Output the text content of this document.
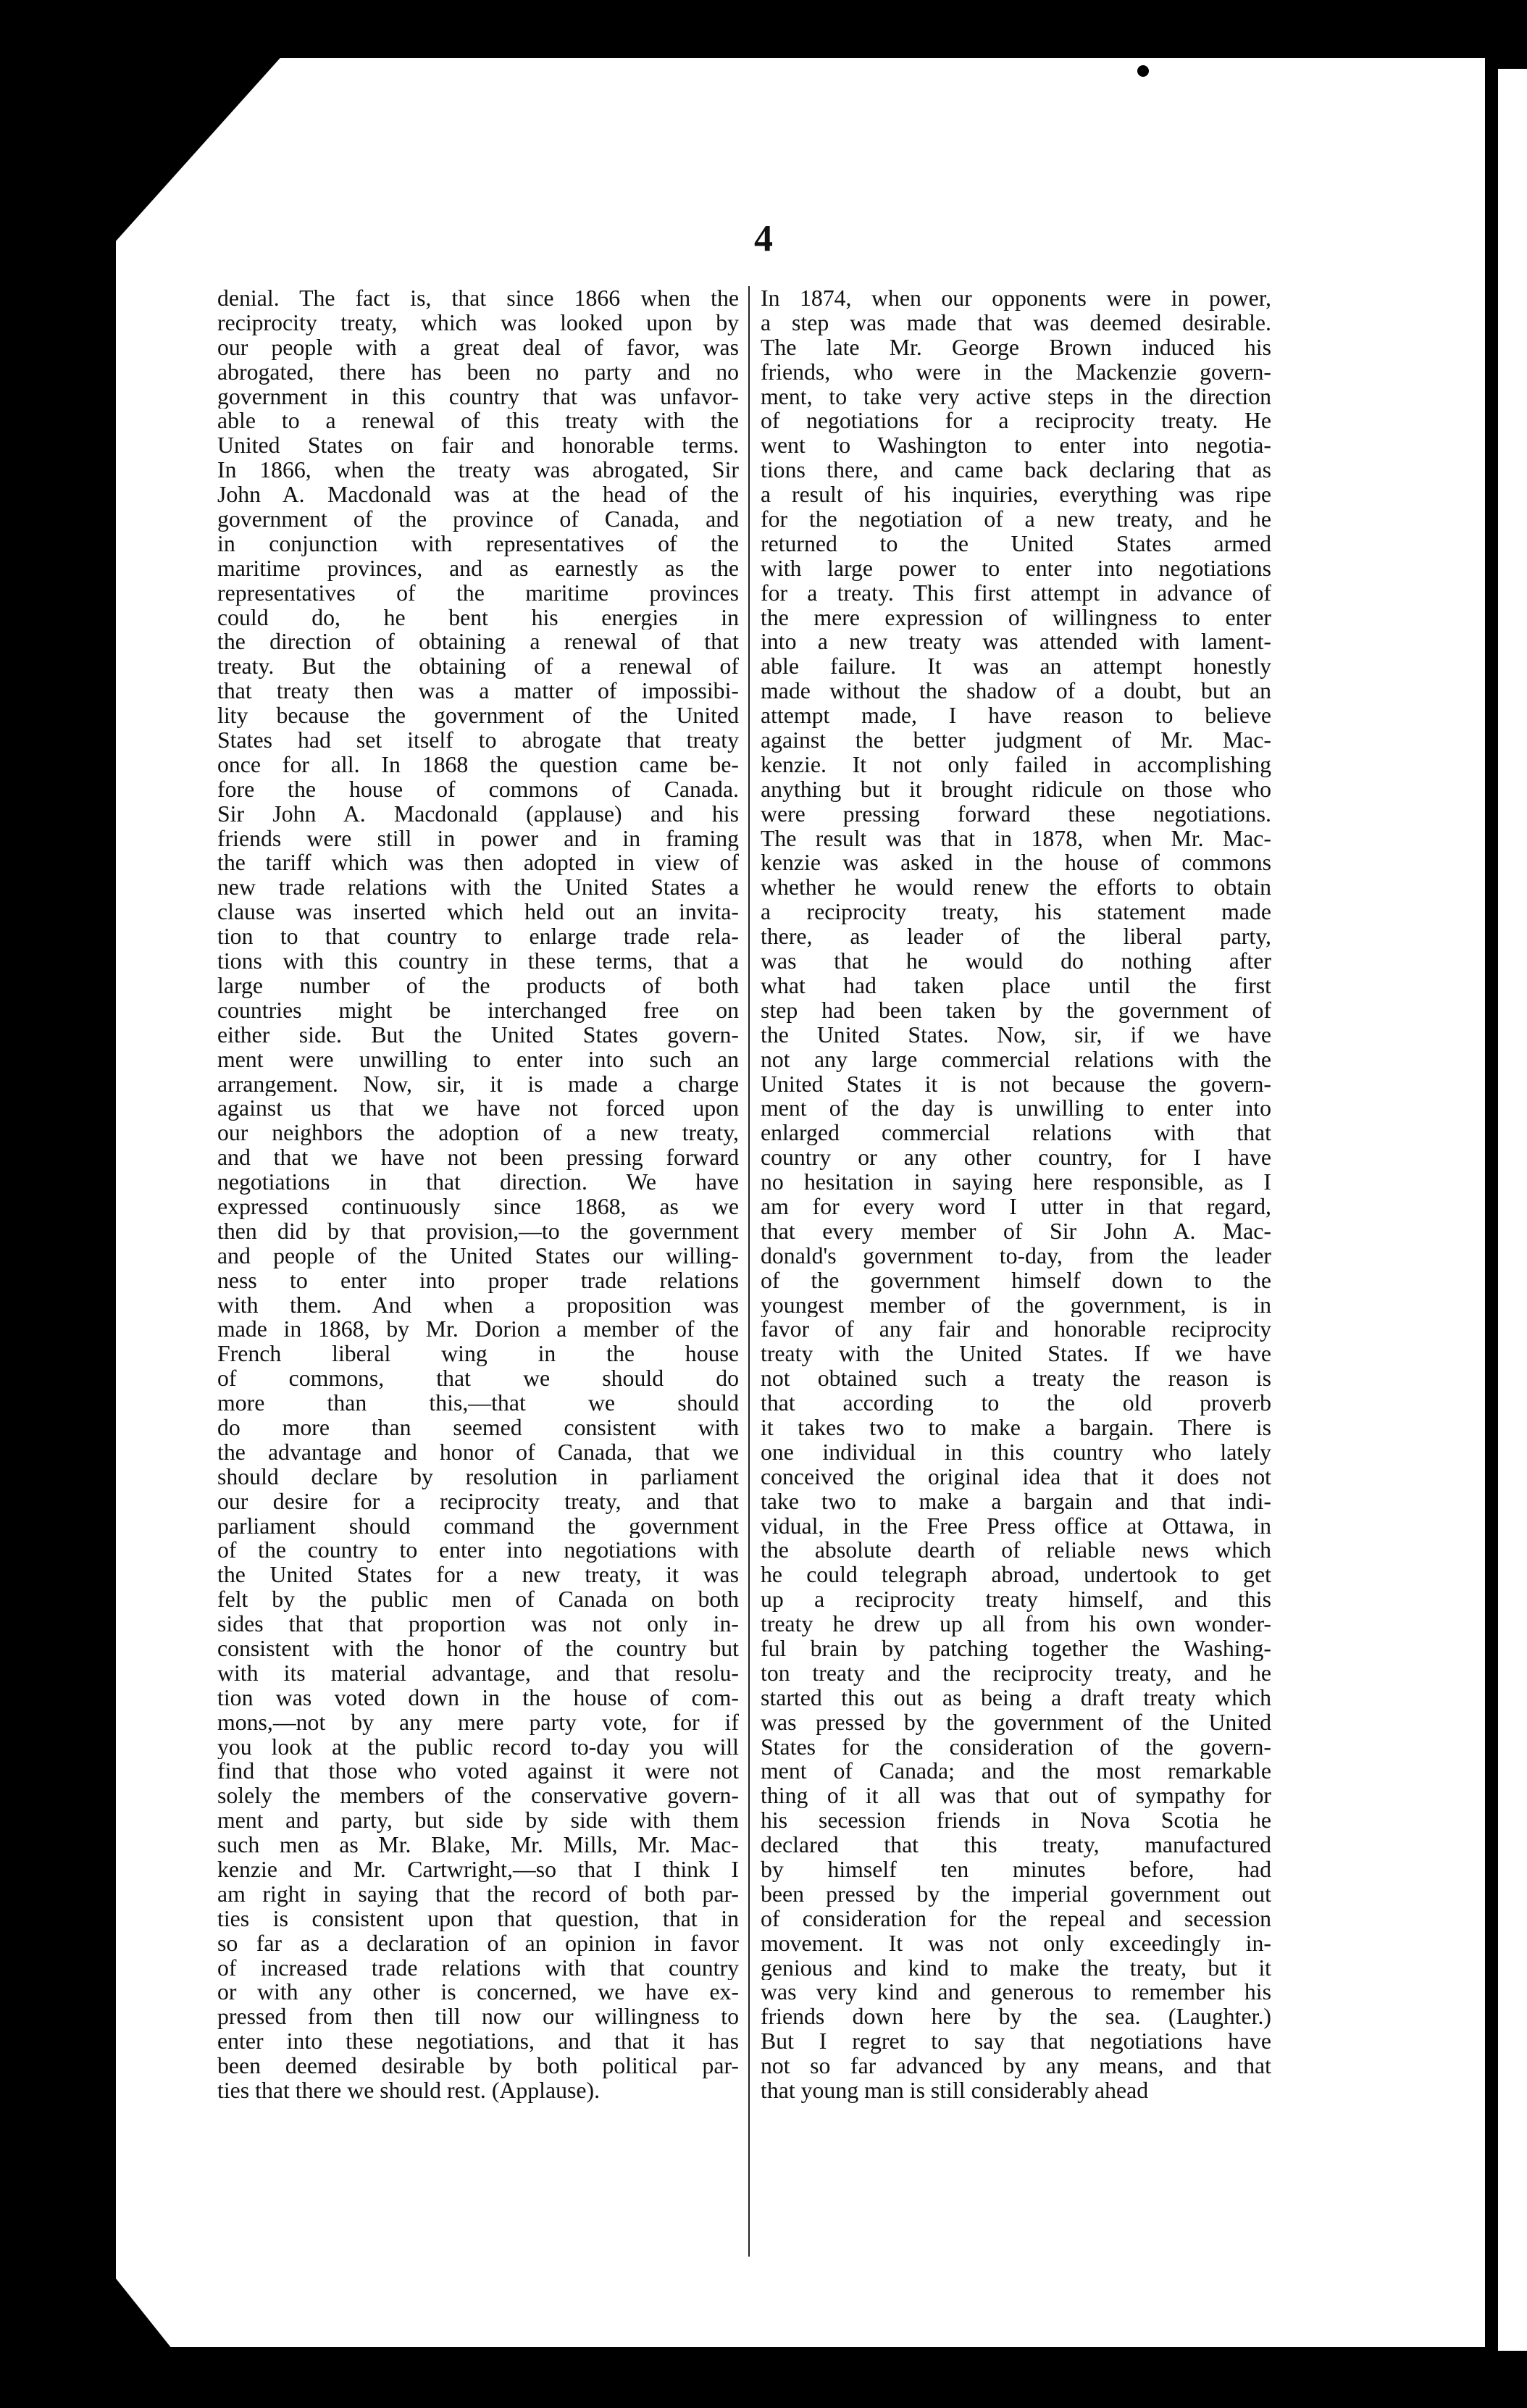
4
denial. The fact is, that since 1866 when the
reciprocity treaty, which was looked upon by
our people with a great deal of favor, was
abrogated, there has been no party and no
government in this country that was unfavor-
able to a renewal of this treaty with the
United States on fair and honorable terms.
In 1866, when the treaty was abrogated, Sir
John A. Macdonald was at the head of the
government of the province of Canada, and
in conjunction with representatives of the
maritime provinces, and as earnestly as the
representatives of the maritime provinces
could do, he bent his energies in
the direction of obtaining a renewal of that
treaty. But the obtaining of a renewal of
that treaty then was a matter of impossibi-
lity because the government of the United
States had set itself to abrogate that treaty
once for all. In 1868 the question came be-
fore the house of commons of Canada.
Sir John A. Macdonald (applause) and his
friends were still in power and in framing
the tariff which was then adopted in view of
new trade relations with the United States a
clause was inserted which held out an invita-
tion to that country to enlarge trade rela-
tions with this country in these terms, that a
large number of the products of both
countries might be interchanged free on
either side. But the United States govern-
ment were unwilling to enter into such an
arrangement. Now, sir, it is made a charge
against us that we have not forced upon
our neighbors the adoption of a new treaty,
and that we have not been pressing forward
negotiations in that direction. We have
expressed continuously since 1868, as we
then did by that provision,—to the government
and people of the United States our willing-
ness to enter into proper trade relations
with them. And when a proposition was
made in 1868, by Mr. Dorion a member of the
French liberal wing in the house
of commons, that we should do
more than this,—that we should
do more than seemed consistent with
the advantage and honor of Canada, that we
should declare by resolution in parliament
our desire for a reciprocity treaty, and that
parliament should command the government
of the country to enter into negotiations with
the United States for a new treaty, it was
felt by the public men of Canada on both
sides that that proportion was not only in-
consistent with the honor of the country but
with its material advantage, and that resolu-
tion was voted down in the house of com-
mons,—not by any mere party vote, for if
you look at the public record to-day you will
find that those who voted against it were not
solely the members of the conservative govern-
ment and party, but side by side with them
such men as Mr. Blake, Mr. Mills, Mr. Mac-
kenzie and Mr. Cartwright,—so that I think I
am right in saying that the record of both par-
ties is consistent upon that question, that in
so far as a declaration of an opinion in favor
of increased trade relations with that country
or with any other is concerned, we have ex-
pressed from then till now our willingness to
enter into these negotiations, and that it has
been deemed desirable by both political par-
ties that there we should rest. (Applause).
In 1874, when our opponents were in power,
a step was made that was deemed desirable.
The late Mr. George Brown induced his
friends, who were in the Mackenzie govern-
ment, to take very active steps in the direction
of negotiations for a reciprocity treaty. He
went to Washington to enter into negotia-
tions there, and came back declaring that as
a result of his inquiries, everything was ripe
for the negotiation of a new treaty, and he
returned to the United States armed
with large power to enter into negotiations
for a treaty. This first attempt in advance of
the mere expression of willingness to enter
into a new treaty was attended with lament-
able failure. It was an attempt honestly
made without the shadow of a doubt, but an
attempt made, I have reason to believe
against the better judgment of Mr. Mac-
kenzie. It not only failed in accomplishing
anything but it brought ridicule on those who
were pressing forward these negotiations.
The result was that in 1878, when Mr. Mac-
kenzie was asked in the house of commons
whether he would renew the efforts to obtain
a reciprocity treaty, his statement made
there, as leader of the liberal party,
was that he would do nothing after
what had taken place until the first
step had been taken by the government of
the United States. Now, sir, if we have
not any large commercial relations with the
United States it is not because the govern-
ment of the day is unwilling to enter into
enlarged commercial relations with that
country or any other country, for I have
no hesitation in saying here responsible, as I
am for every word I utter in that regard,
that every member of Sir John A. Mac-
donald's government to-day, from the leader
of the government himself down to the
youngest member of the government, is in
favor of any fair and honorable reciprocity
treaty with the United States. If we have
not obtained such a treaty the reason is
that according to the old proverb
it takes two to make a bargain. There is
one individual in this country who lately
conceived the original idea that it does not
take two to make a bargain and that indi-
vidual, in the Free Press office at Ottawa, in
the absolute dearth of reliable news which
he could telegraph abroad, undertook to get
up a reciprocity treaty himself, and this
treaty he drew up all from his own wonder-
ful brain by patching together the Washing-
ton treaty and the reciprocity treaty, and he
started this out as being a draft treaty which
was pressed by the government of the United
States for the consideration of the govern-
ment of Canada; and the most remarkable
thing of it all was that out of sympathy for
his secession friends in Nova Scotia he
declared that this treaty, manufactured
by himself ten minutes before, had
been pressed by the imperial government out
of consideration for the repeal and secession
movement. It was not only exceedingly in-
genious and kind to make the treaty, but it
was very kind and generous to remember his
friends down here by the sea. (Laughter.)
But I regret to say that negotiations have
not so far advanced by any means, and that
that young man is still considerably ahead
